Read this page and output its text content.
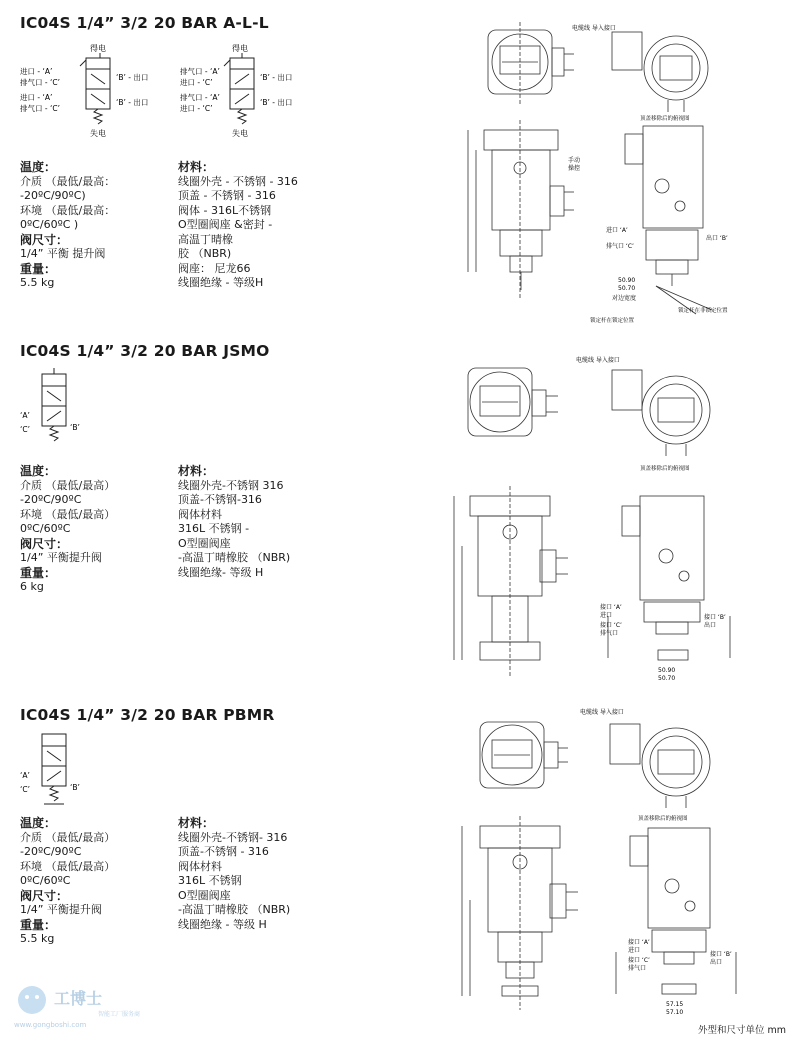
IC04S 1/4” 3/2 20 BAR A-L-L
得电
进口 - ‘A’
排气口 - ‘C’
进口 - ‘A’
排气口 - ‘C’
‘B’ - 出口
‘B’ - 出口
失电
得电
排气口 - ‘A’
进口 - ‘C’
排气口 - ‘A’
进口 - ‘C’
‘B’ - 出口
‘B’ - 出口
失电
温度：
介质 （最低/最高：
-20ºC/90ºC)
环境 （最低/最高：
0ºC/60ºC )
阀尺寸：
1/4” 平衡 提升阀
重量：
5.5 kg
材料：
线圈外壳 - 不锈钢 - 316
顶盖 - 不锈钢 - 316
阀体 - 316L不锈钢
O型圈阀座 &密封 -
高温丁晴橡
胶 （NBR)
阀座： 尼龙66
线圈绝缘 - 等级H
IC04S 1/4” 3/2 20 BAR JSMO
‘A’
‘C’	‘B’
温度：
介质 （最低/最高）
-20ºC/90ºC
环境 （最低/最高）
0ºC/60ºC
阀尺寸：
1/4” 平衡提升阀
重量：
6 kg
材料：
线圈外壳-不锈钢 316
顶盖-不锈钢-316
阀体材料
316L 不锈钢 -
O型圈阀座
-高温丁晴橡胶 （NBR)
线圈绝缘- 等级 H
IC04S 1/4” 3/2 20 BAR PBMR
‘A’
‘C’	‘B’
温度：
介质 （最低/最高）
-20ºC/90ºC
环境 （最低/最高）
0ºC/60ºC
阀尺寸：
1/4” 平衡提升阀
重量：
5.5 kg
材料：
线圈外壳-不锈钢- 316
顶盖-不锈钢 - 316
阀体材料
316L 不锈钢
O型圈阀座
-高温丁晴橡胶 （NBR)
线圈绝缘 - 等级 H
电缆线 导入接口
顶盖移除后的俯视图
手动
操控
进口 ‘A’
排气口 ‘C’
出口 ‘B’
50.90
50.70
对边宽度
锁定杆在锁定位置
锁定杆在非锁定位置
电缆线 导入接口
顶盖移除后的俯视图
接口 ‘A’
进口
接口 ‘C’
排气口
接口 ‘B’
出口
50.90
50.70
电缆线 导入接口
顶盖移除后的俯视图
接口 ‘A’
进口
接口 ‘C’
排气口
接口 ‘B’
出口
57.15
57.10
工博士
智能工厂服务商
www.gongboshi.com	外型和尺寸单位 mm
